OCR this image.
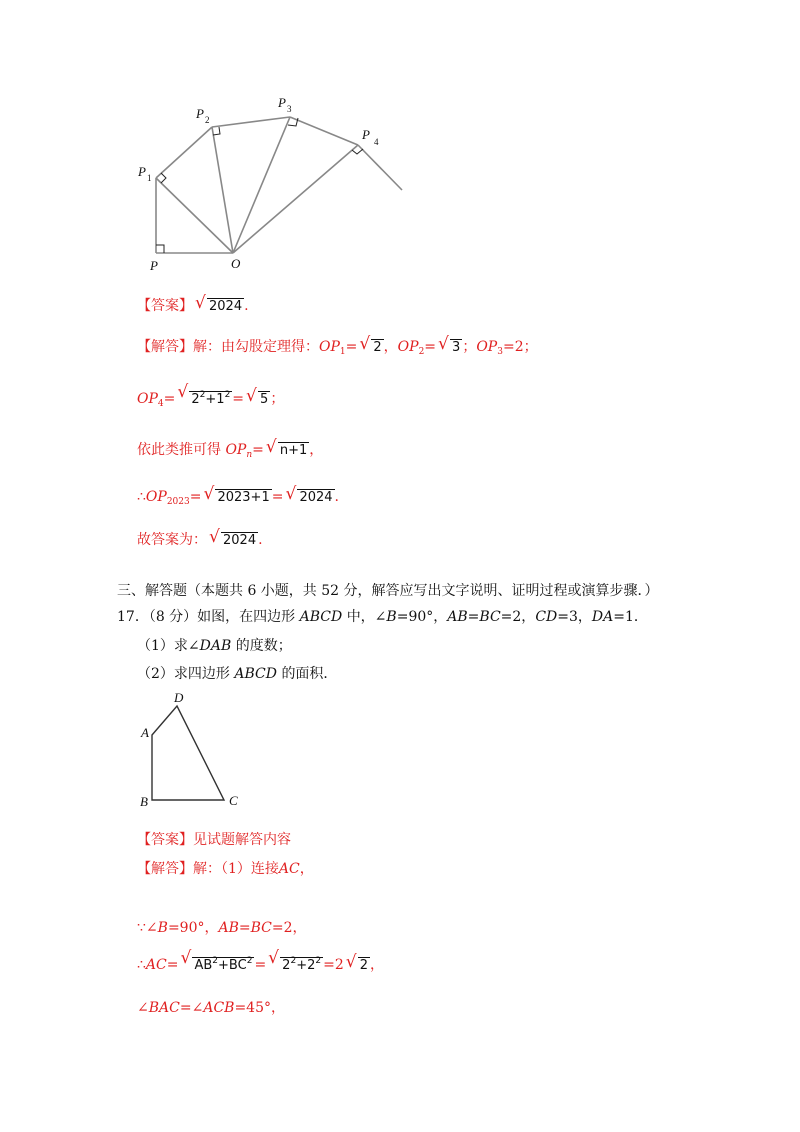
P	O
P 1
P 2
P 3
P 4
【答案】 √ 2024 .
【解答】解：由勾股定理得：$OP_1=$ √ 2 ，$OP_2=$ √ 3 ；$OP_3=2$；
$OP_4=$ √ $2^2+1^2$ = √ 5 ；
依此类推可得 $OP_n=$ √ n+1 ，
$\therefore OP_{2023}=$ √ 2023+1 = √ 2024 .
故答案为： √ 2024 .
三、解答题（本题共 6 小题，共 52 分，解答应写出文字说明、证明过程或演算步骤．）
17．（8 分）如图，在四边形 ABCD 中，∠B=90°，AB=BC=2，CD=3，DA=1．
（1）求∠DAB 的度数；
（2）求四边形 ABCD 的面积．
D
A
B	C
【答案】见试题解答内容
【解答】解：（1）连接AC，
∵∠B=90°，AB=BC=2，
∴AC= √ $AB^2+BC^2$ = √ $2^2+2^2 =2$ √ 2 ，
∠BAC=∠ACB=45°，
